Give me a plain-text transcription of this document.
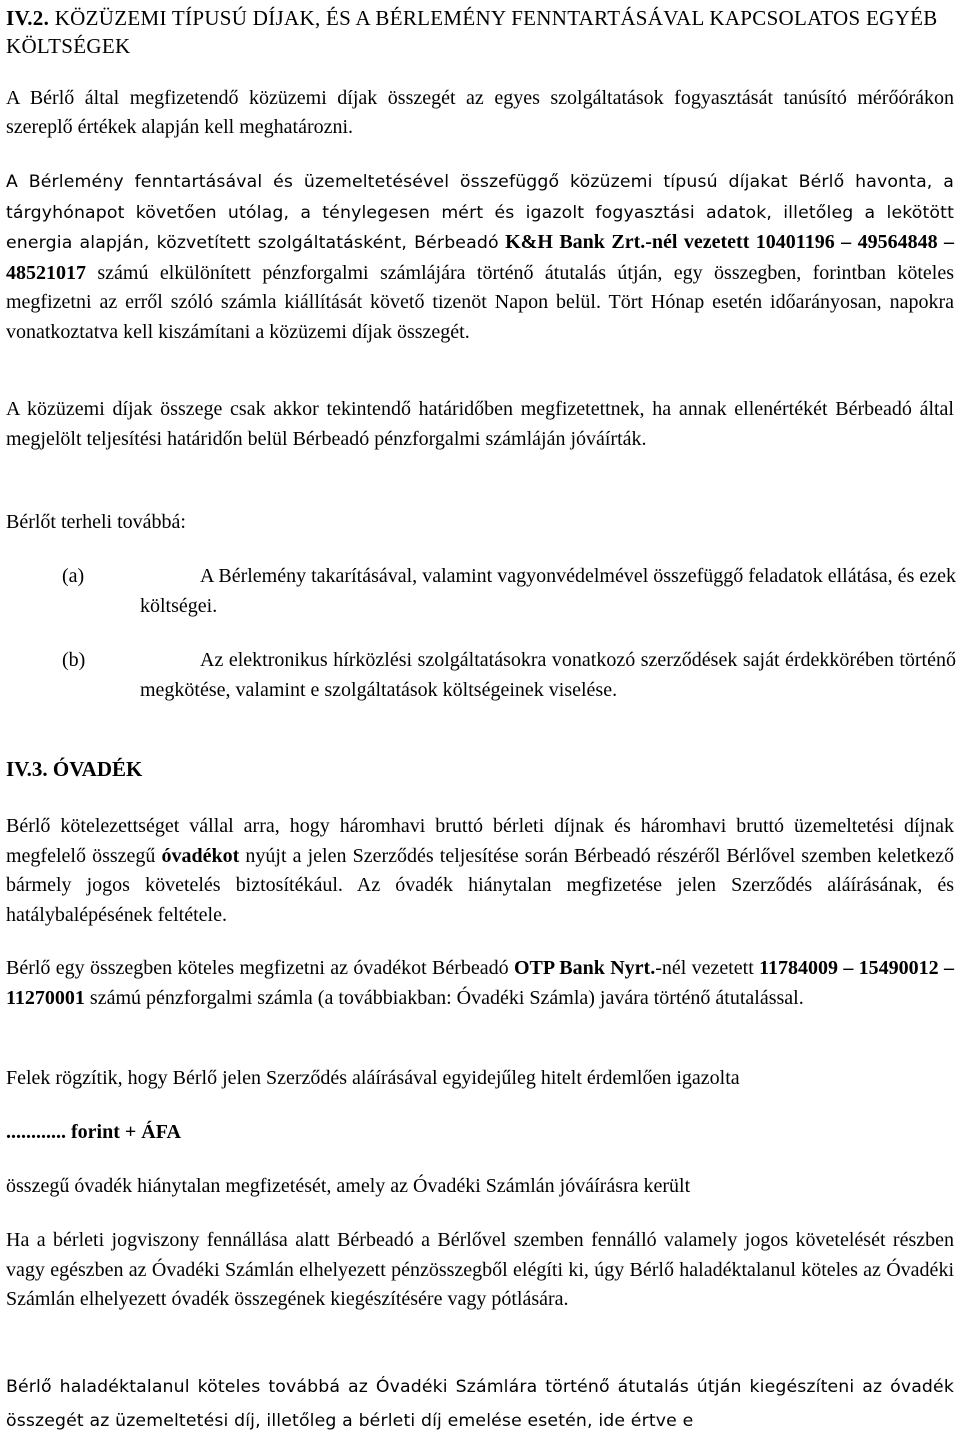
IV.2. KÖZÜZEMI TÍPUSÚ DÍJAK, ÉS A BÉRLEMÉNY FENNTARTÁSÁVAL KAPCSOLATOS EGYÉB KÖLTSÉGEK

A Bérlő által megfizetendő közüzemi díjak összegét az egyes szolgáltatások fogyasztását tanúsító mérőórákon szereplő értékek alapján kell meghatározni.

A Bérlemény fenntartásával és üzemeltetésével összefüggő közüzemi típusú díjakat Bérlő havonta, a tárgyhónapot követően utólag, a ténylegesen mért és igazolt fogyasztási adatok, illetőleg a lekötött energia alapján, közvetített szolgáltatásként, Bérbeadó K&H Bank Zrt.-nél vezetett 10401196 – 49564848 – 48521017 számú elkülönített pénzforgalmi számlájára történő átutalás útján, egy összegben, forintban köteles megfizetni az erről szóló számla kiállítását követő tizenöt Napon belül. Tört Hónap esetén időarányosan, napokra vonatkoztatva kell kiszámítani a közüzemi díjak összegét.

A közüzemi díjak összege csak akkor tekintendő határidőben megfizetettnek, ha annak ellenértékét Bérbeadó által megjelölt teljesítési határidőn belül Bérbeadó pénzforgalmi számláján jóváírták.

Bérlőt terheli továbbá:

(a)	A Bérlemény takarításával, valamint vagyonvédelmével összefüggő feladatok ellátása, és ezek költségei.

(b)	Az elektronikus hírközlési szolgáltatásokra vonatkozó szerződések saját érdekkörében történő megkötése, valamint e szolgáltatások költségeinek viselése.

IV.3. ÓVADÉK

Bérlő kötelezettséget vállal arra, hogy háromhavi bruttó bérleti díjnak és háromhavi bruttó üzemeltetési díjnak megfelelő összegű óvadékot nyújt a jelen Szerződés teljesítése során Bérbeadó részéről Bérlővel szemben keletkező bármely jogos követelés biztosítékául. Az óvadék hiánytalan megfizetése jelen Szerződés aláírásának, és hatálybalépésének feltétele.

Bérlő egy összegben köteles megfizetni az óvadékot Bérbeadó OTP Bank Nyrt.-nél vezetett 11784009 – 15490012 – 11270001 számú pénzforgalmi számla (a továbbiakban: Óvadéki Számla) javára történő átutalással.

Felek rögzítik, hogy Bérlő jelen Szerződés aláírásával egyidejűleg hitelt érdemlően igazolta

............ forint + ÁFA

összegű óvadék hiánytalan megfizetését, amely az Óvadéki Számlán jóváírásra került

Ha a bérleti jogviszony fennállása alatt Bérbeadó a Bérlővel szemben fennálló valamely jogos követelését részben vagy egészben az Óvadéki Számlán elhelyezett pénzösszegből elégíti ki, úgy Bérlő haladéktalanul köteles az Óvadéki Számlán elhelyezett óvadék összegének kiegészítésére vagy pótlására.

Bérlő haladéktalanul köteles továbbá az Óvadéki Számlára történő átutalás útján kiegészíteni az óvadék összegét az üzemeltetési díj, illetőleg a bérleti díj emelése esetén, ide értve e
